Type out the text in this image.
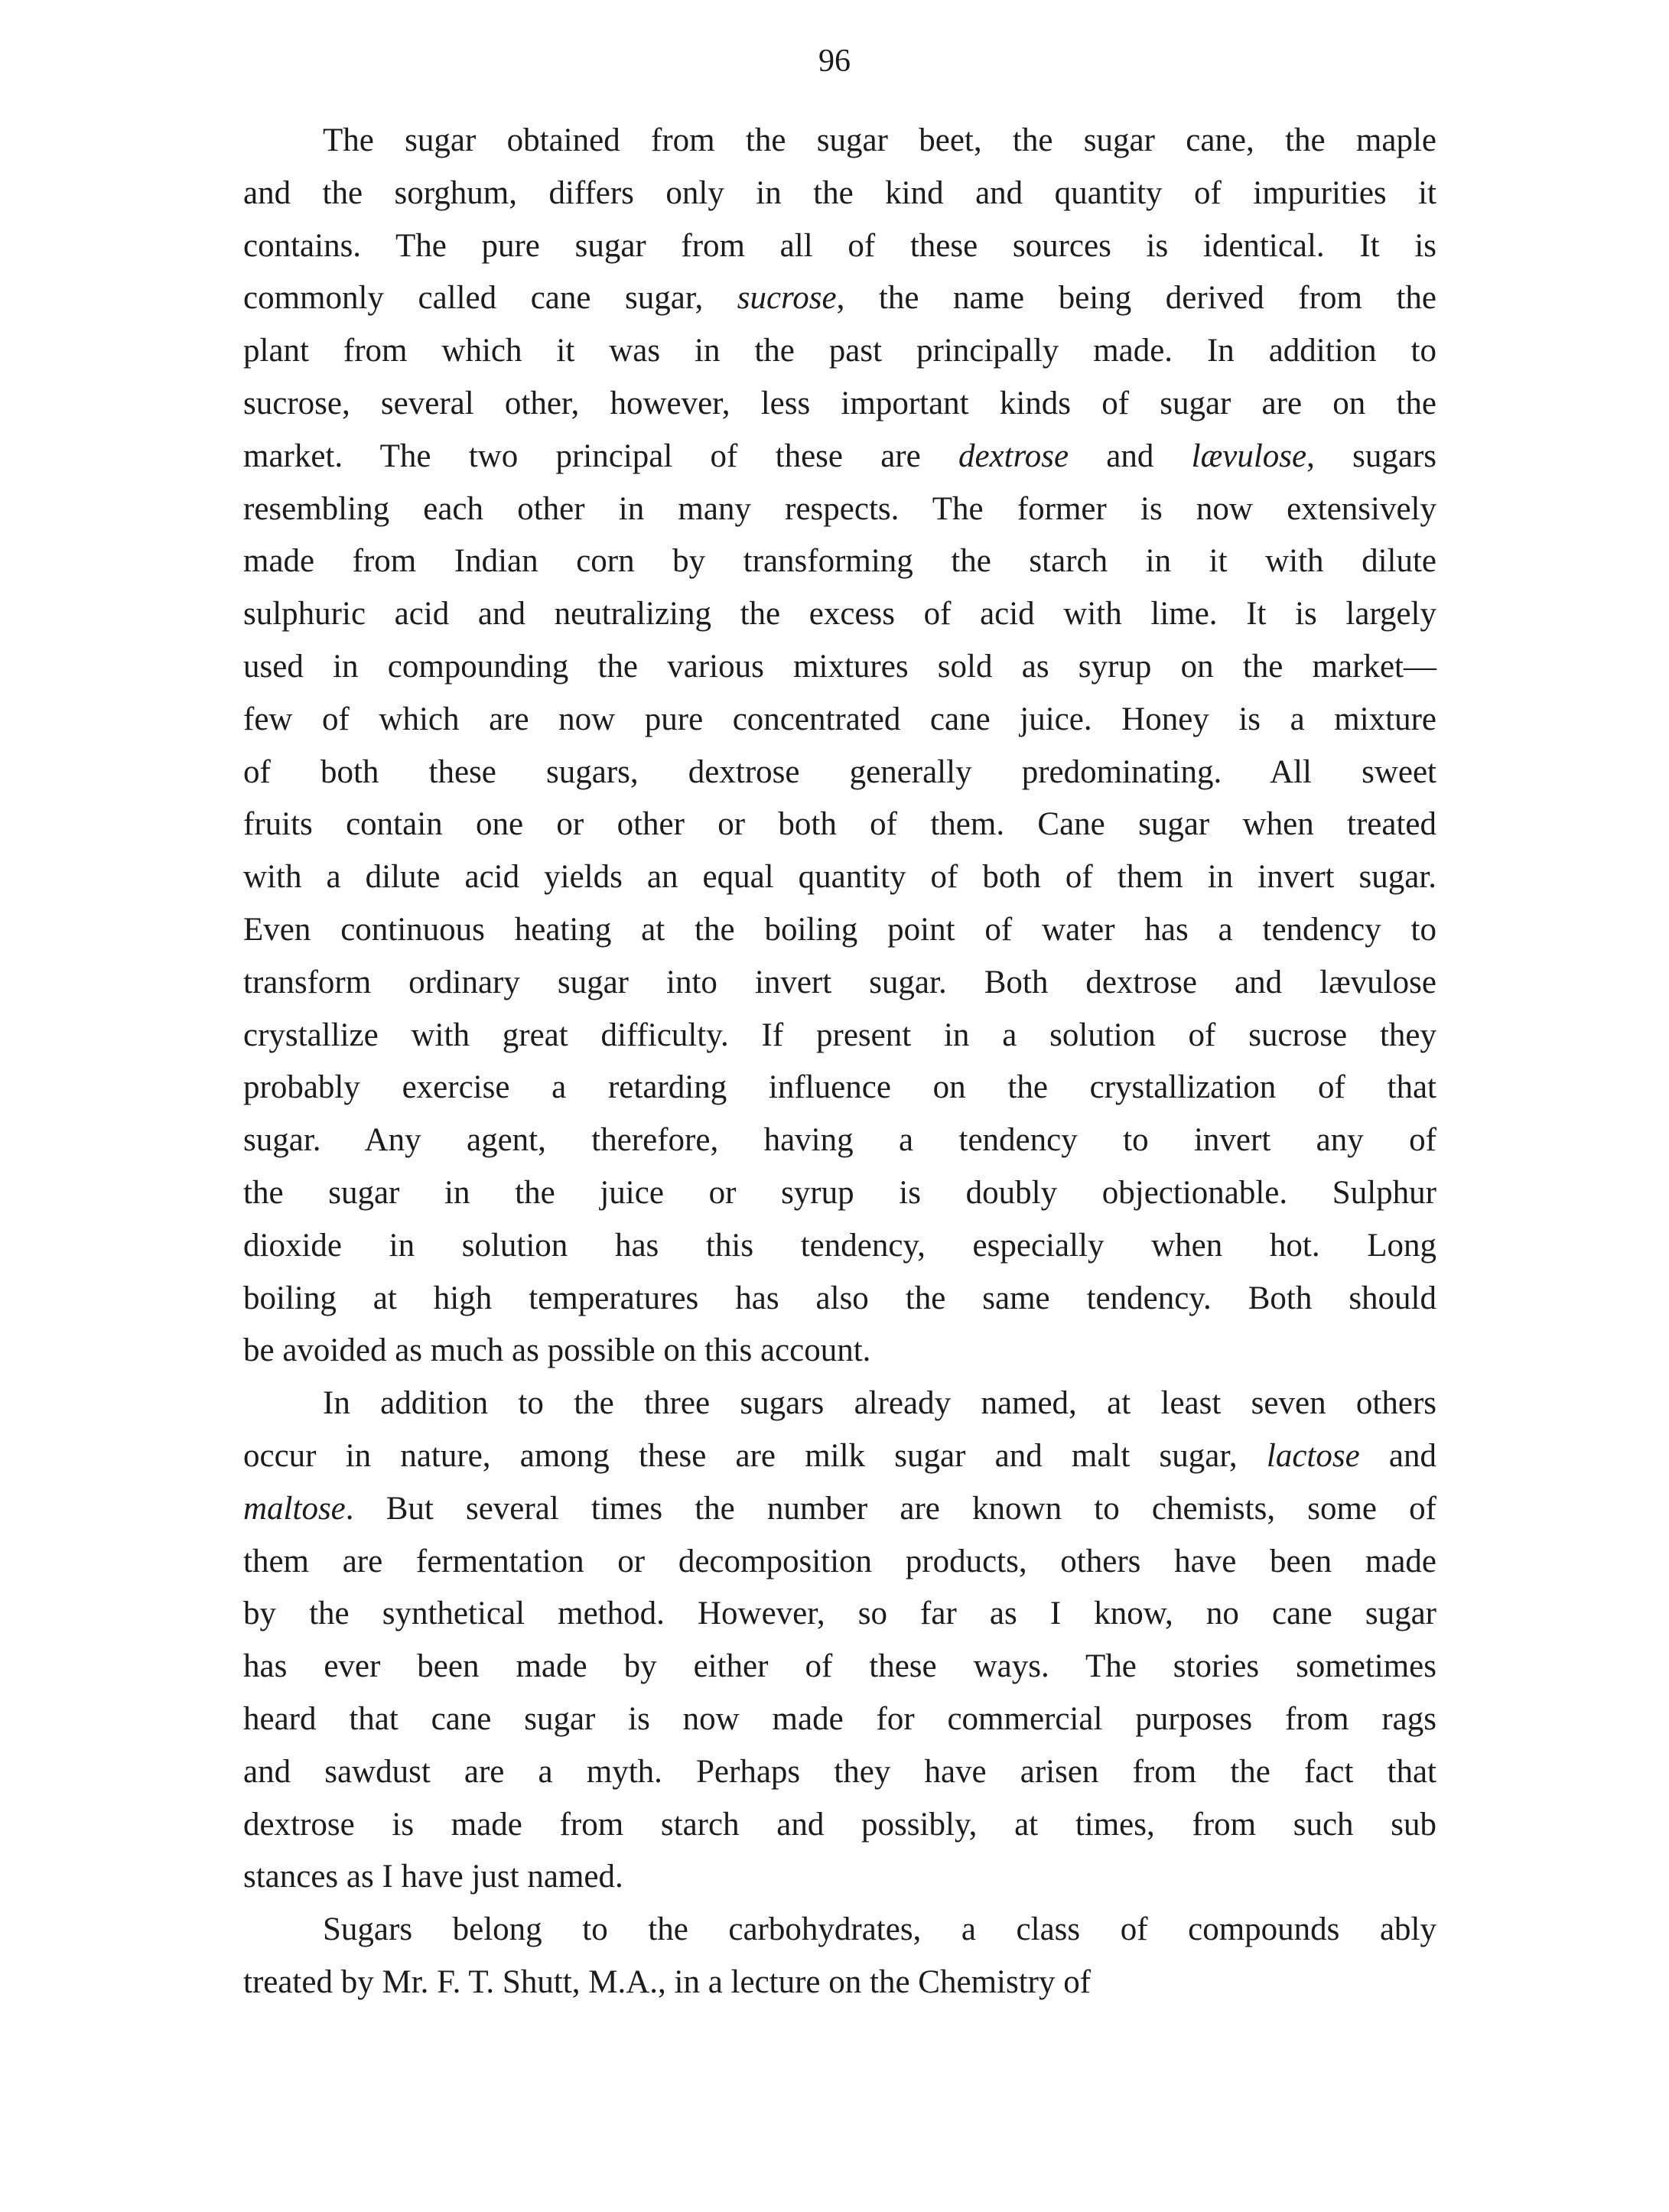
96
The sugar obtained from the sugar beet, the sugar cane, the maple
and the sorghum, differs only in the kind and quantity of impurities it
contains. The pure sugar from all of these sources is identical. It is
commonly called cane sugar, sucrose, the name being derived from the
plant from which it was in the past principally made. In addition to
sucrose, several other, however, less important kinds of sugar are on the
market. The two principal of these are dextrose and lævulose, sugars
resembling each other in many respects. The former is now extensively
made from Indian corn by transforming the starch in it with dilute
sulphuric acid and neutralizing the excess of acid with lime. It is largely
used in compounding the various mixtures sold as syrup on the market—
few of which are now pure concentrated cane juice. Honey is a mixture
of both these sugars, dextrose generally predominating. All sweet
fruits contain one or other or both of them. Cane sugar when treated
with a dilute acid yields an equal quantity of both of them in invert sugar.
Even continuous heating at the boiling point of water has a tendency to
transform ordinary sugar into invert sugar. Both dextrose and lævulose
crystallize with great difficulty. If present in a solution of sucrose they
probably exercise a retarding influence on the crystallization of that
sugar. Any agent, therefore, having a tendency to invert any of
the sugar in the juice or syrup is doubly objectionable. Sulphur
dioxide in solution has this tendency, especially when hot. Long
boiling at high temperatures has also the same tendency. Both should
be avoided as much as possible on this account.
In addition to the three sugars already named, at least seven others
occur in nature, among these are milk sugar and malt sugar, lactose and
maltose. But several times the number are known to chemists, some of
them are fermentation or decomposition products, others have been made
by the synthetical method. However, so far as I know, no cane sugar
has ever been made by either of these ways. The stories sometimes
heard that cane sugar is now made for commercial purposes from rags
and sawdust are a myth. Perhaps they have arisen from the fact that
dextrose is made from starch and possibly, at times, from such sub
stances as I have just named.
Sugars belong to the carbohydrates, a class of compounds ably
treated by Mr. F. T. Shutt, M.A., in a lecture on the Chemistry of
